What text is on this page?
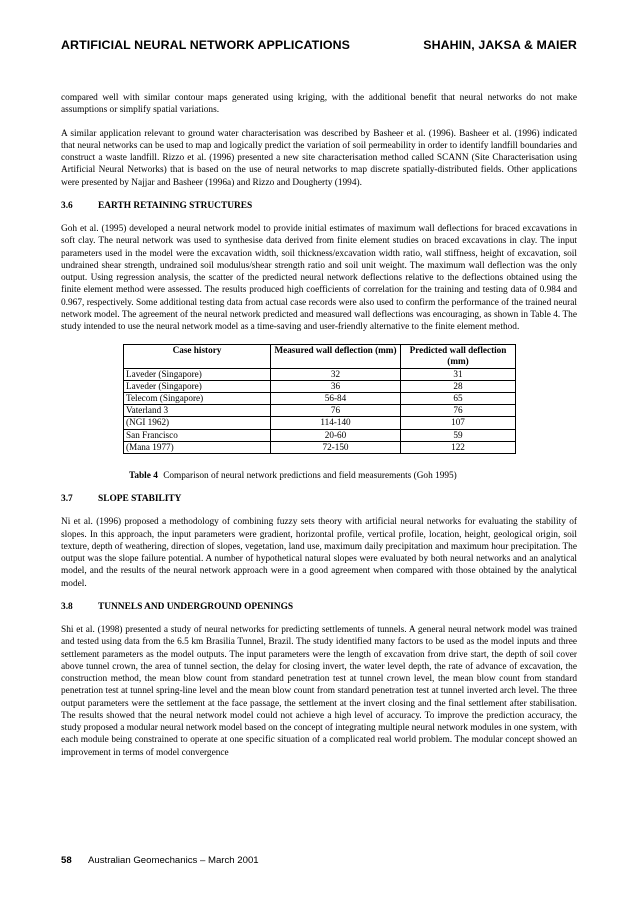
ARTIFICIAL NEURAL NETWORK APPLICATIONS	SHAHIN, JAKSA & MAIER

compared well with similar contour maps generated using kriging, with the additional benefit that neural networks do not make assumptions or simplify spatial variations.

A similar application relevant to ground water characterisation was described by Basheer et al. (1996). Basheer et al. (1996) indicated that neural networks can be used to map and logically predict the variation of soil permeability in order to identify landfill boundaries and construct a waste landfill. Rizzo et al. (1996) presented a new site characterisation method called SCANN (Site Characterisation using Artificial Neural Networks) that is based on the use of neural networks to map discrete spatially-distributed fields. Other applications were presented by Najjar and Basheer (1996a) and Rizzo and Dougherty (1994).

3.6	EARTH RETAINING STRUCTURES

Goh et al. (1995) developed a neural network model to provide initial estimates of maximum wall deflections for braced excavations in soft clay. The neural network was used to synthesise data derived from finite element studies on braced excavations in clay. The input parameters used in the model were the excavation width, soil thickness/excavation width ratio, wall stiffness, height of excavation, soil undrained shear strength, undrained soil modulus/shear strength ratio and soil unit weight. The maximum wall deflection was the only output. Using regression analysis, the scatter of the predicted neural network deflections relative to the deflections obtained using the finite element method were assessed. The results produced high coefficients of correlation for the training and testing data of 0.984 and 0.967, respectively. Some additional testing data from actual case records were also used to confirm the performance of the trained neural network model. The agreement of the neural network predicted and measured wall deflections was encouraging, as shown in Table 4. The study intended to use the neural network model as a time-saving and user-friendly alternative to the finite element method.

Case history	Measured wall deflection (mm)	Predicted wall deflection (mm)
Laveder (Singapore)	32	31
Laveder (Singapore)	36	28
Telecom (Singapore)	56-84	65
Vaterland 3	76	76
(NGI 1962)	114-140	107
San Francisco	20-60	59
(Mana 1977)	72-150	122
Table 4 Comparison of neural network predictions and field measurements (Goh 1995)
3.7	SLOPE STABILITY

Ni et al. (1996) proposed a methodology of combining fuzzy sets theory with artificial neural networks for evaluating the stability of slopes. In this approach, the input parameters were gradient, horizontal profile, vertical profile, location, height, geological origin, soil texture, depth of weathering, direction of slopes, vegetation, land use, maximum daily precipitation and maximum hour precipitation. The output was the slope failure potential. A number of hypothetical natural slopes were evaluated by both neural networks and an analytical model, and the results of the neural network approach were in a good agreement when compared with those obtained by the analytical model.

3.8	TUNNELS AND UNDERGROUND OPENINGS

Shi et al. (1998) presented a study of neural networks for predicting settlements of tunnels. A general neural network model was trained and tested using data from the 6.5 km Brasilia Tunnel, Brazil. The study identified many factors to be used as the model inputs and three settlement parameters as the model outputs. The input parameters were the length of excavation from drive start, the depth of soil cover above tunnel crown, the area of tunnel section, the delay for closing invert, the water level depth, the rate of advance of excavation, the construction method, the mean blow count from standard penetration test at tunnel crown level, the mean blow count from standard penetration test at tunnel spring-line level and the mean blow count from standard penetration test at tunnel inverted arch level. The three output parameters were the settlement at the face passage, the settlement at the invert closing and the final settlement after stabilisation. The results showed that the neural network model could not achieve a high level of accuracy. To improve the prediction accuracy, the study proposed a modular neural network model based on the concept of integrating multiple neural network modules in one system, with each module being constrained to operate at one specific situation of a complicated real world problem. The modular concept showed an improvement in terms of model convergence

58 Australian Geomechanics – March 2001
